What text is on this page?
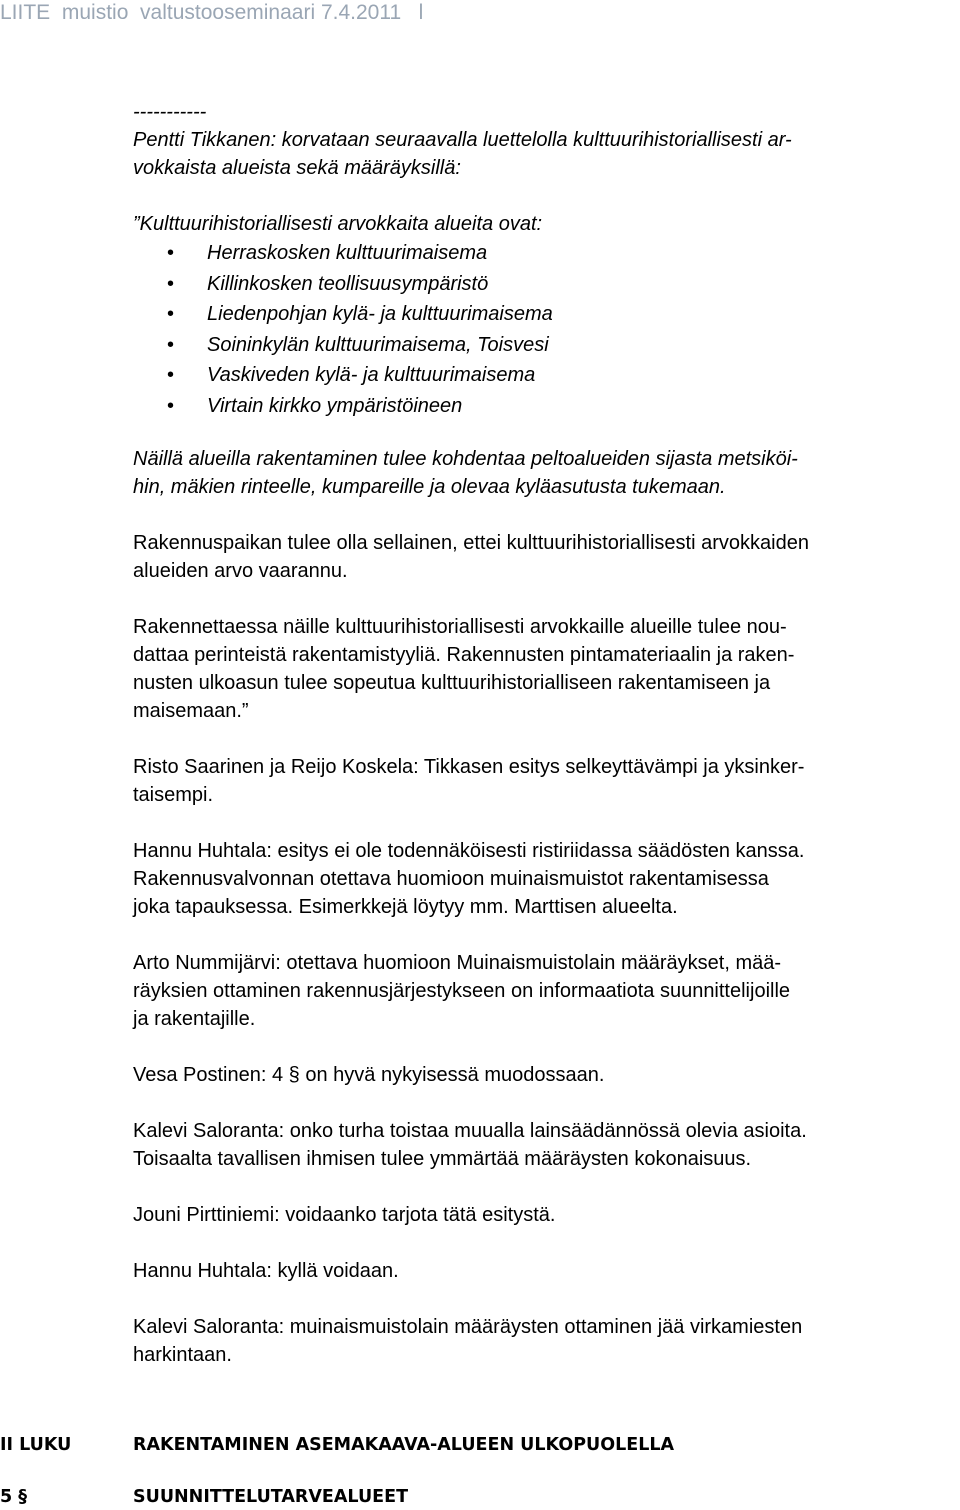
LIITE  muistio  valtustooseminaari 7.4.2011   l

-----------

Pentti Tikkanen: korvataan seuraavalla luettelolla kulttuurihistoriallisesti ar-
vokkaista alueista sekä määräyksillä:

”Kulttuurihistoriallisesti arvokkaita alueita ovat:

• Herraskosken kulttuurimaisema
• Killinkosken teollisuusympäristö
• Liedenpohjan kylä- ja kulttuurimaisema
• Soininkylän kulttuurimaisema, Toisvesi
• Vaskiveden kylä- ja kulttuurimaisema
• Virtain kirkko ympäristöineen
Näillä alueilla rakentaminen tulee kohdentaa peltoalueiden sijasta metsiköi-
hin, mäkien rinteelle, kumpareille ja olevaa kyläasutusta tukemaan.
Rakennuspaikan tulee olla sellainen, ettei kulttuurihistoriallisesti arvokkaiden
alueiden arvo vaarannu.
Rakennettaessa näille kulttuurihistoriallisesti arvokkaille alueille tulee nou-
dattaa perinteistä rakentamistyyliä. Rakennusten pintamateriaalin ja raken-
nusten ulkoasun tulee sopeutua kulttuurihistorialliseen rakentamiseen ja
maisemaan.”
Risto Saarinen ja Reijo Koskela: Tikkasen esitys selkeyttävämpi ja yksinker-
taisempi.
Hannu Huhtala: esitys ei ole todennäköisesti ristiriidassa säädösten kanssa.
Rakennusvalvonnan otettava huomioon muinaismuistot rakentamisessa
joka tapauksessa. Esimerkkejä löytyy mm. Marttisen alueelta.
Arto Nummijärvi: otettava huomioon Muinaismuistolain määräykset, mää-
räyksien ottaminen rakennusjärjestykseen on informaatiota suunnittelijoille
ja rakentajille.
Vesa Postinen: 4 § on hyvä nykyisessä muodossaan.
Kalevi Saloranta: onko turha toistaa muualla lainsäädännössä olevia asioita.
Toisaalta tavallisen ihmisen tulee ymmärtää määräysten kokonaisuus.
Jouni Pirttiniemi: voidaanko tarjota tätä esitystä.
Hannu Huhtala: kyllä voidaan.
Kalevi Saloranta: muinaismuistolain määräysten ottaminen jää virkamiesten
harkintaan.
II LUKU	RAKENTAMINEN ASEMAKAAVA-ALUEEN ULKOPUOLELLA
5 §	SUUNNITTELUTARVEALUEET
